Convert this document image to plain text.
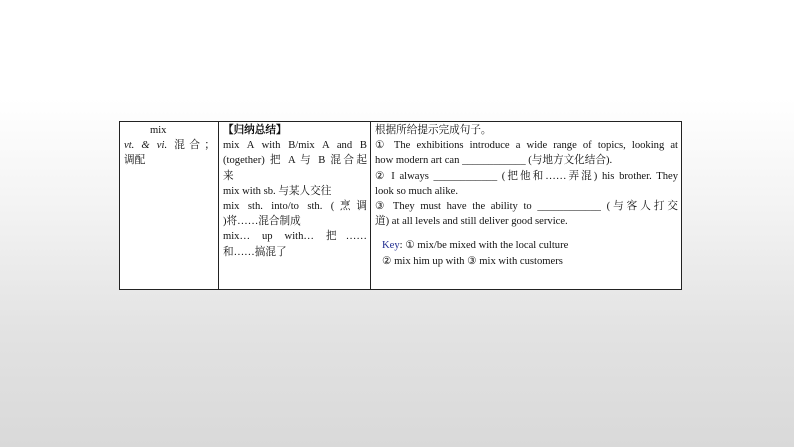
mix
vt. & vi. 混合；
调配

【归纳总结】
mix A with B/mix A and B
(together) 把 A 与 B 混合起
来
mix with sb. 与某人交往
mix sth. into/to sth. (烹调
)将……混合制成
mix… up with… 把……
和……搞混了

根据所给提示完成句子。
① The exhibitions introduce a wide range of topics, looking at
how modern art can ____________ (与地方文化结合).
② I always ____________ (把他和……弄混) his brother. They
look so much alike.
③ They must have the ability to ____________ (与客人打交
道) at all levels and still deliver good service.
Key: ① mix/be mixed with the local culture
② mix him up with ③ mix with customers
